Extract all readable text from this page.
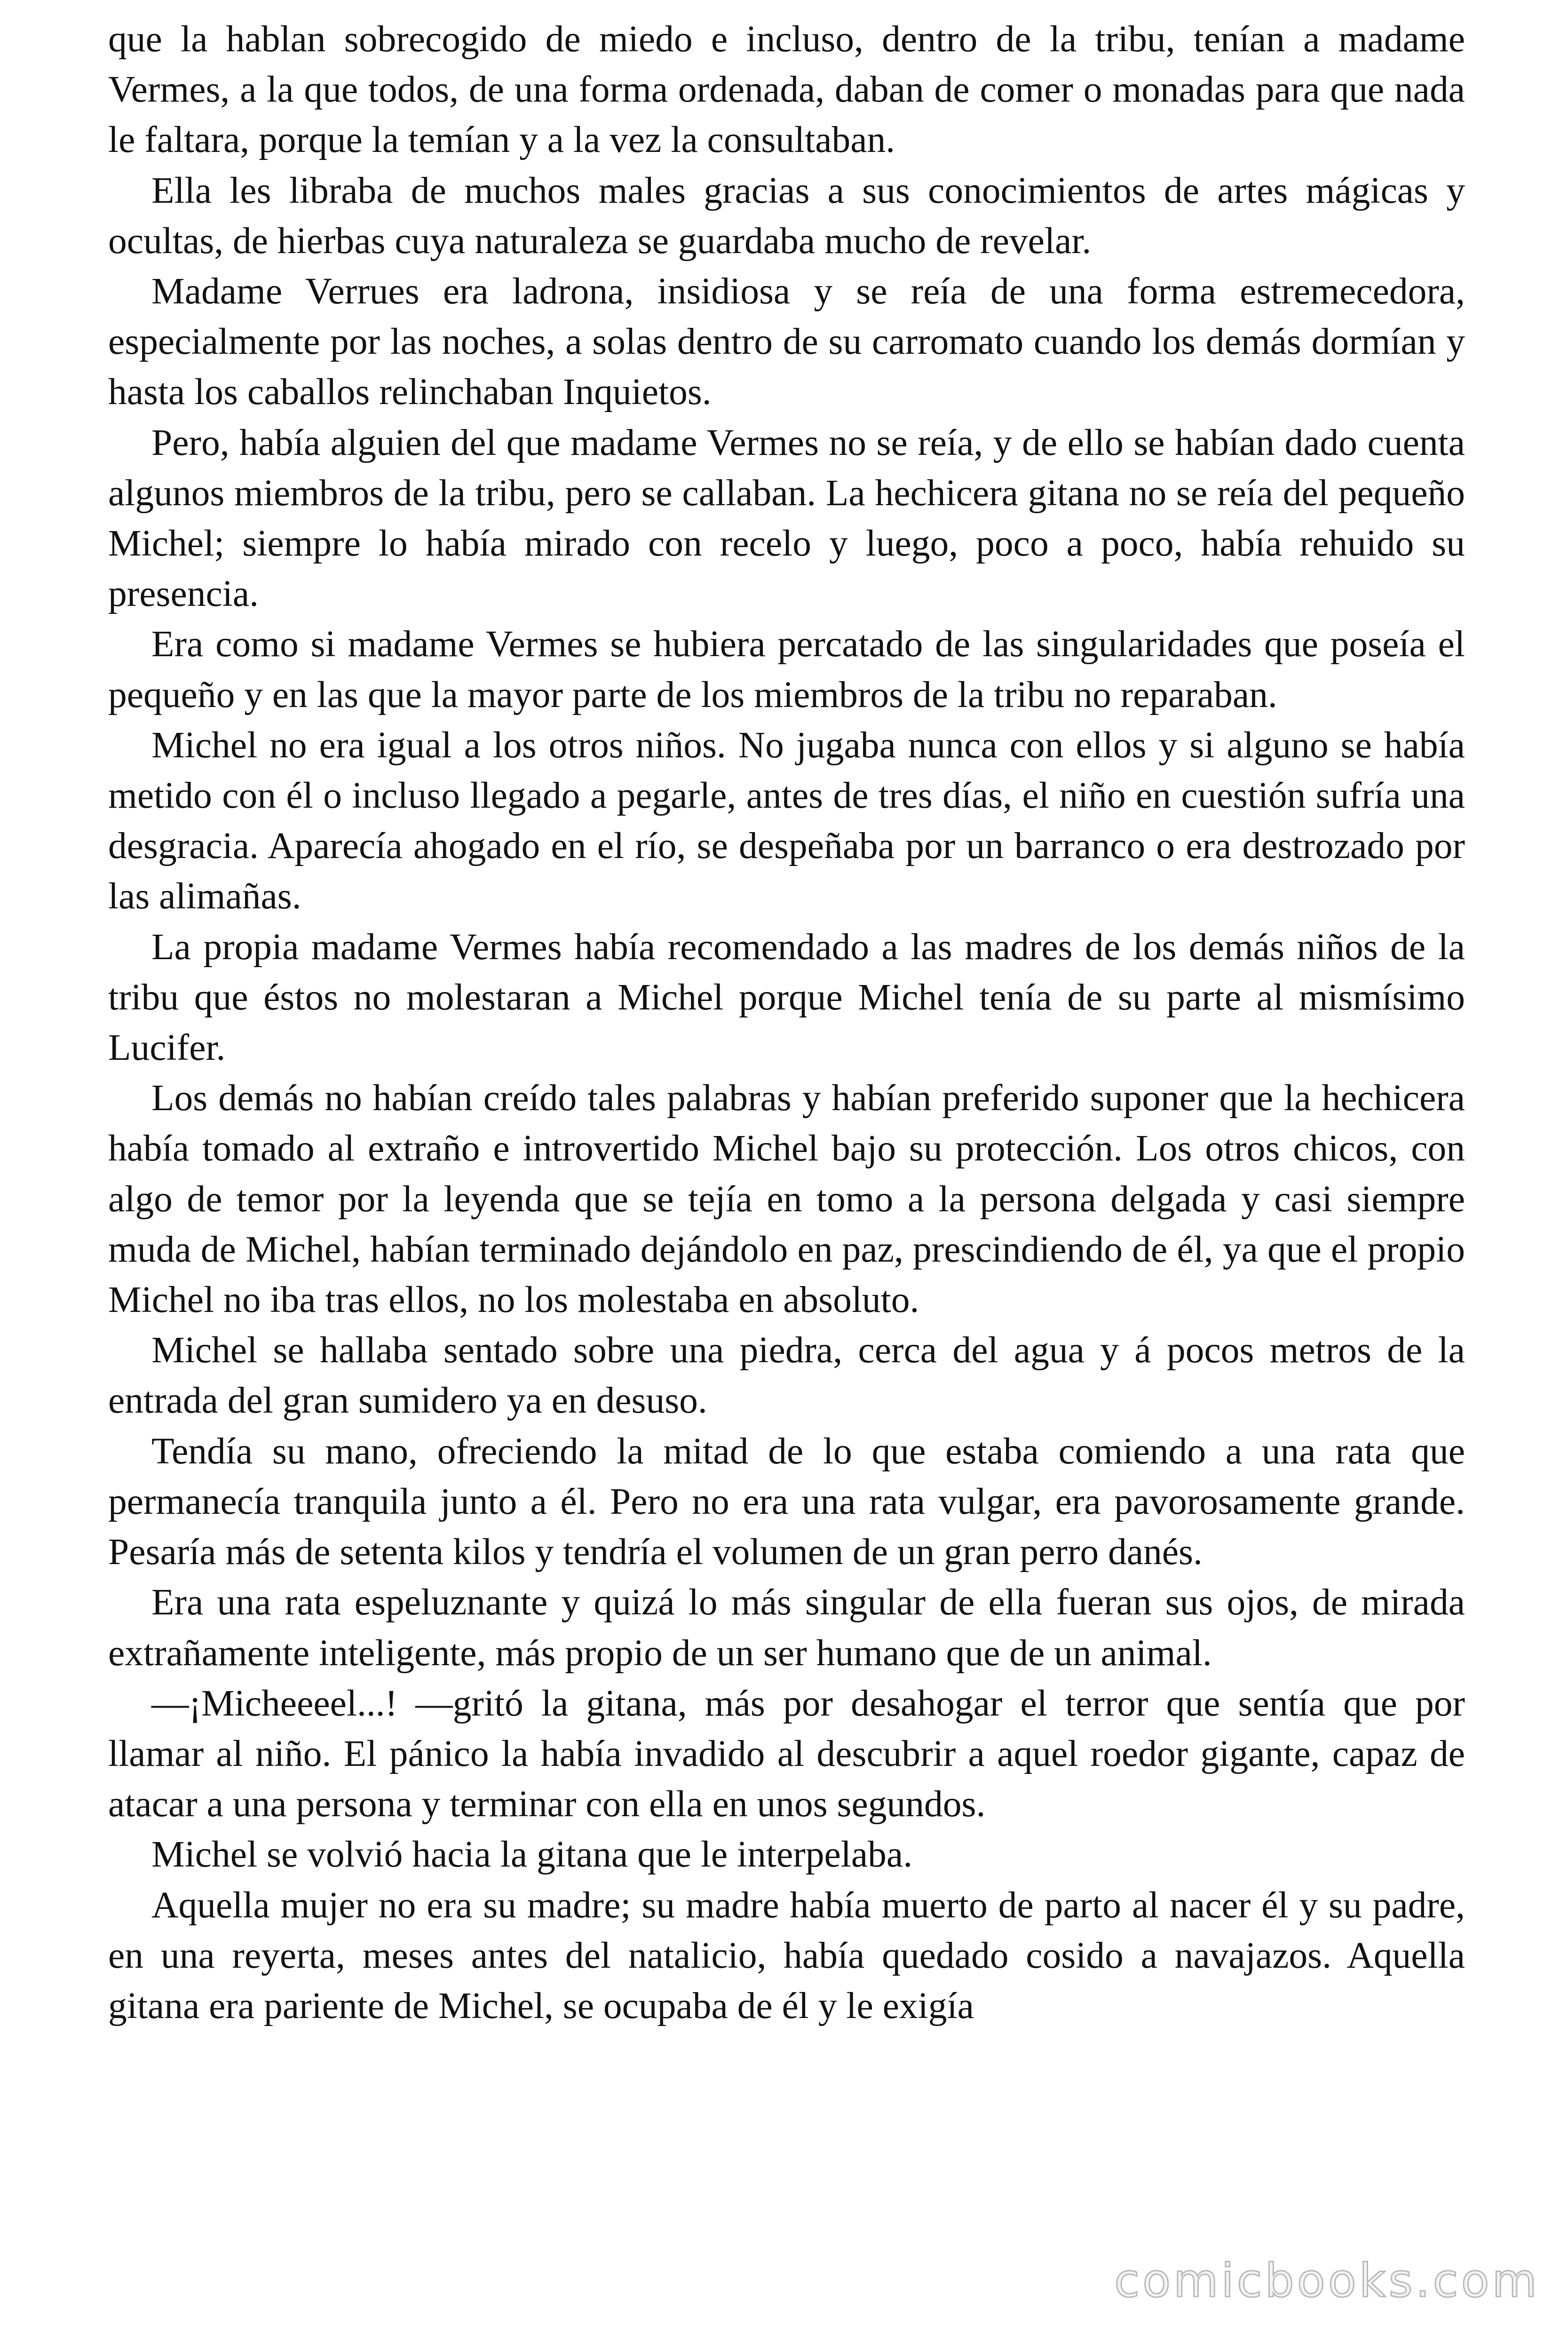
que la hablan sobrecogido de miedo e incluso, dentro de la tribu, tenían a madame Vermes, a la que todos, de una forma ordenada, daban de comer o monadas para que nada le faltara, porque la temían y a la vez la consultaban.

Ella les libraba de muchos males gracias a sus conocimientos de artes mágicas y ocultas, de hierbas cuya naturaleza se guardaba mucho de revelar.

Madame Verrues era ladrona, insidiosa y se reía de una forma estremecedora, especialmente por las noches, a solas dentro de su carromato cuando los demás dormían y hasta los caballos relinchaban Inquietos.

Pero, había alguien del que madame Vermes no se reía, y de ello se habían dado cuenta algunos miembros de la tribu, pero se callaban. La hechicera gitana no se reía del pequeño Michel; siempre lo había mirado con recelo y luego, poco a poco, había rehuido su presencia.

Era como si madame Vermes se hubiera percatado de las singularidades que poseía el pequeño y en las que la mayor parte de los miembros de la tribu no reparaban.

Michel no era igual a los otros niños. No jugaba nunca con ellos y si alguno se había metido con él o incluso llegado a pegarle, antes de tres días, el niño en cuestión sufría una desgracia. Aparecía ahogado en el río, se despeñaba por un barranco o era destrozado por las alimañas.

La propia madame Vermes había recomendado a las madres de los demás niños de la tribu que éstos no molestaran a Michel porque Michel tenía de su parte al mismísimo Lucifer.

Los demás no habían creído tales palabras y habían preferido suponer que la hechicera había tomado al extraño e introvertido Michel bajo su protección. Los otros chicos, con algo de temor por la leyenda que se tejía en tomo a la persona delgada y casi siempre muda de Michel, habían terminado dejándolo en paz, prescindiendo de él, ya que el propio Michel no iba tras ellos, no los molestaba en absoluto.

Michel se hallaba sentado sobre una piedra, cerca del agua y á pocos metros de la entrada del gran sumidero ya en desuso.

Tendía su mano, ofreciendo la mitad de lo que estaba comiendo a una rata que permanecía tranquila junto a él. Pero no era una rata vulgar, era pavorosamente grande. Pesaría más de setenta kilos y tendría el volumen de un gran perro danés.

Era una rata espeluznante y quizá lo más singular de ella fueran sus ojos, de mirada extrañamente inteligente, más propio de un ser humano que de un animal.

—¡Micheeeel...! —gritó la gitana, más por desahogar el terror que sentía que por llamar al niño. El pánico la había invadido al descubrir a aquel roedor gigante, capaz de atacar a una persona y terminar con ella en unos segundos.

Michel se volvió hacia la gitana que le interpelaba.

Aquella mujer no era su madre; su madre había muerto de parto al nacer él y su padre, en una reyerta, meses antes del natalicio, había quedado cosido a navajazos. Aquella gitana era pariente de Michel, se ocupaba de él y le exigía

comicbooks.com
